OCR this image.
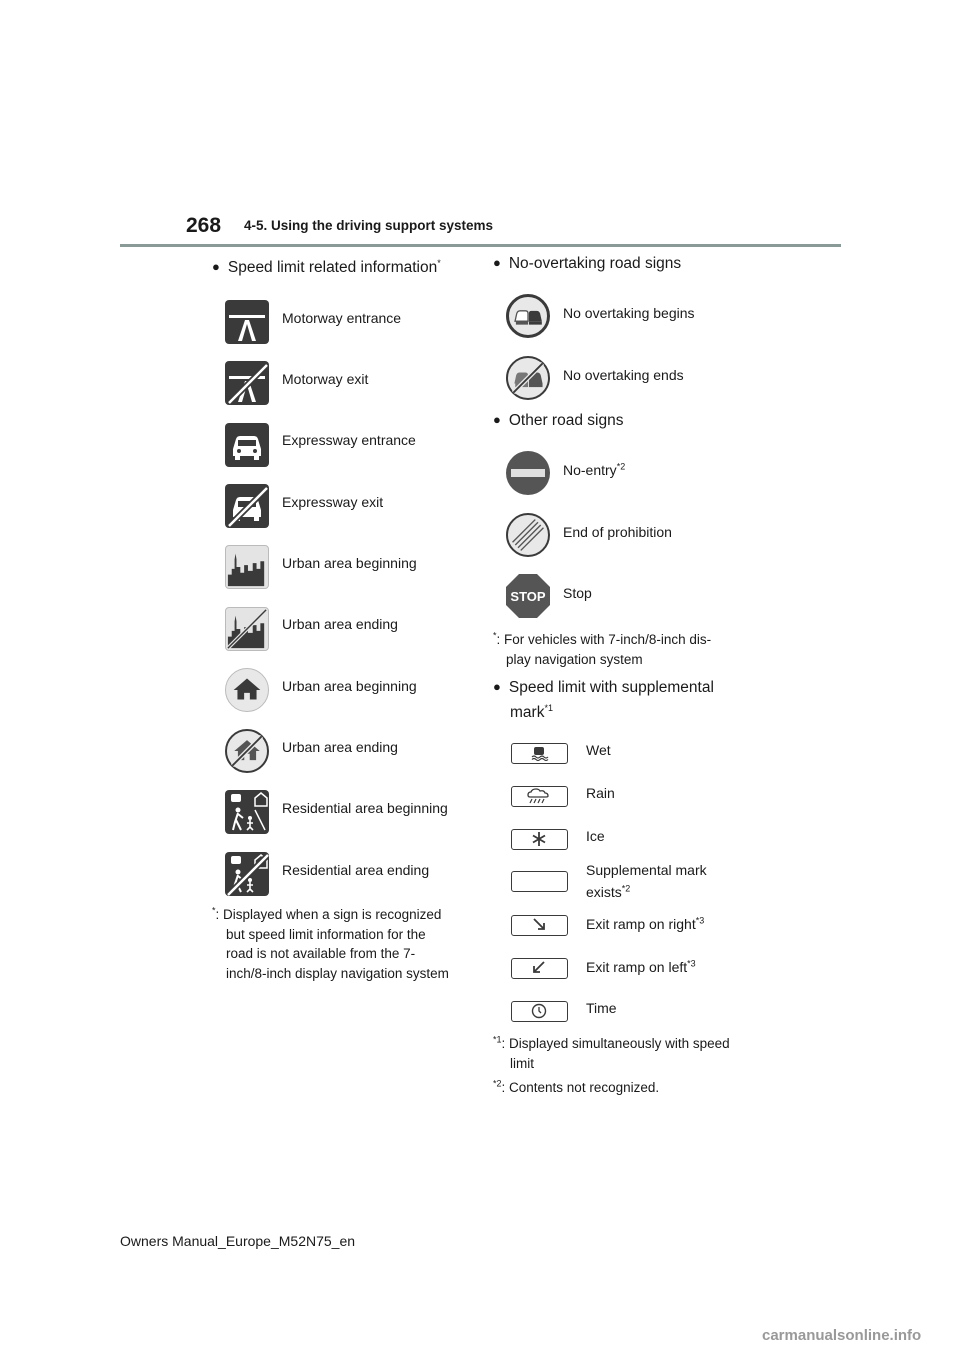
268 4-5. Using the driving support systems
● Speed limit related information*
Motorway entrance
Motorway exit
Expressway entrance
Expressway exit
Urban area beginning
Urban area ending
Urban area beginning
Urban area ending
Residential area beginning
Residential area ending
*: Displayed when a sign is recognized
but speed limit information for the
road is not available from the 7-
inch/8-inch display navigation system
● No-overtaking road signs
No overtaking begins
No overtaking ends
● Other road signs
No-entry$^{*2}$
End of prohibition
STOP Stop
*: For vehicles with 7-inch/8-inch dis-
play navigation system
● Speed limit with supplemental
mark$^{*1}$
Wet
Rain
Ice
Supplemental mark
exists$^{*2}$
Exit ramp on right$^{*3}$
Exit ramp on left$^{*3}$
Time
$^{*1}$: Displayed simultaneously with speed
limit
$^{*2}$: Contents not recognized.
Owners Manual_Europe_M52N75_en
carmanualsonline.info
